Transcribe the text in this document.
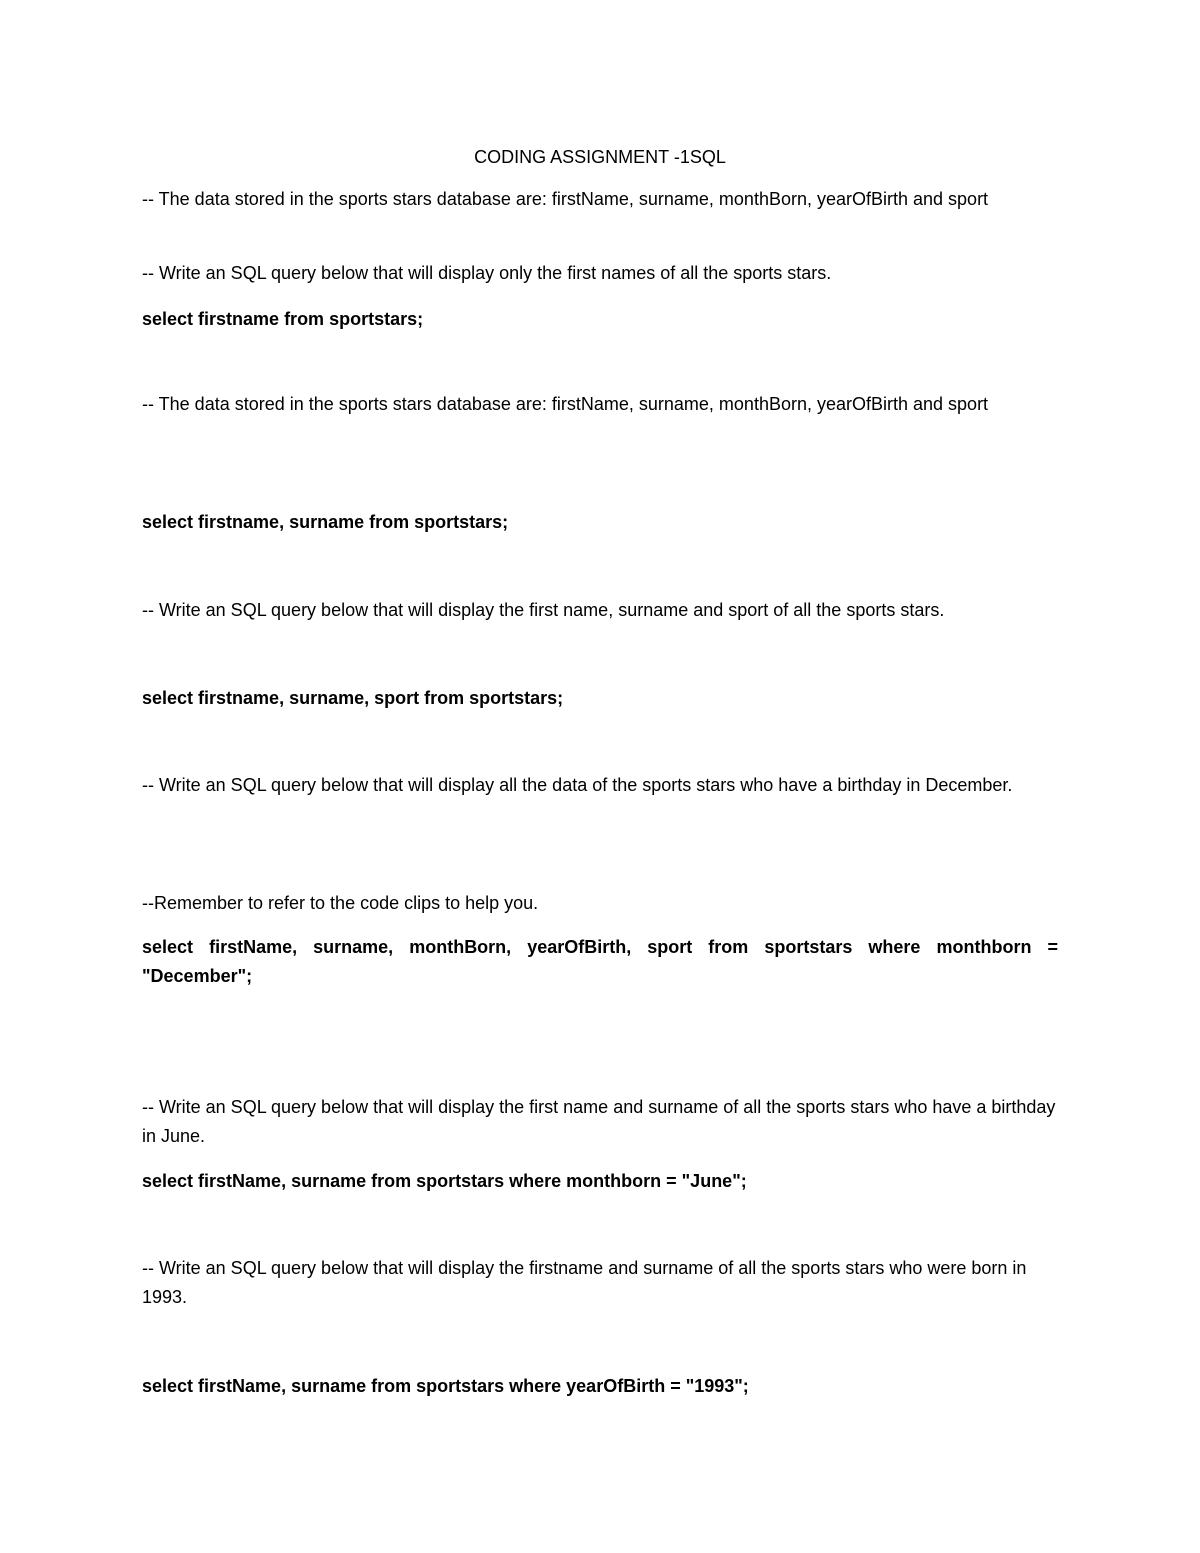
CODING ASSIGNMENT -1SQL

-- The data stored in the sports stars database are: firstName, surname, monthBorn, yearOfBirth and sport

-- Write an SQL query below that will display only the first names of all the sports stars.

select firstname from sportstars;

-- The data stored in the sports stars database are: firstName, surname, monthBorn, yearOfBirth and sport

select firstname, surname from sportstars;

-- Write an SQL query below that will display the first name, surname and sport of all the sports stars.

select firstname, surname, sport from sportstars;

-- Write an SQL query below that will display all the data of the sports stars who have a birthday in December.

--Remember to refer to the code clips to help you.

select firstName, surname, monthBorn, yearOfBirth, sport from sportstars where monthborn = "December";

-- Write an SQL query below that will display the first name and surname of all the sports stars who have a birthday in June.

select firstName, surname from sportstars where monthborn = "June";

-- Write an SQL query below that will display the firstname and surname of all the sports stars who were born in 1993.

select firstName, surname from sportstars where yearOfBirth = "1993";
